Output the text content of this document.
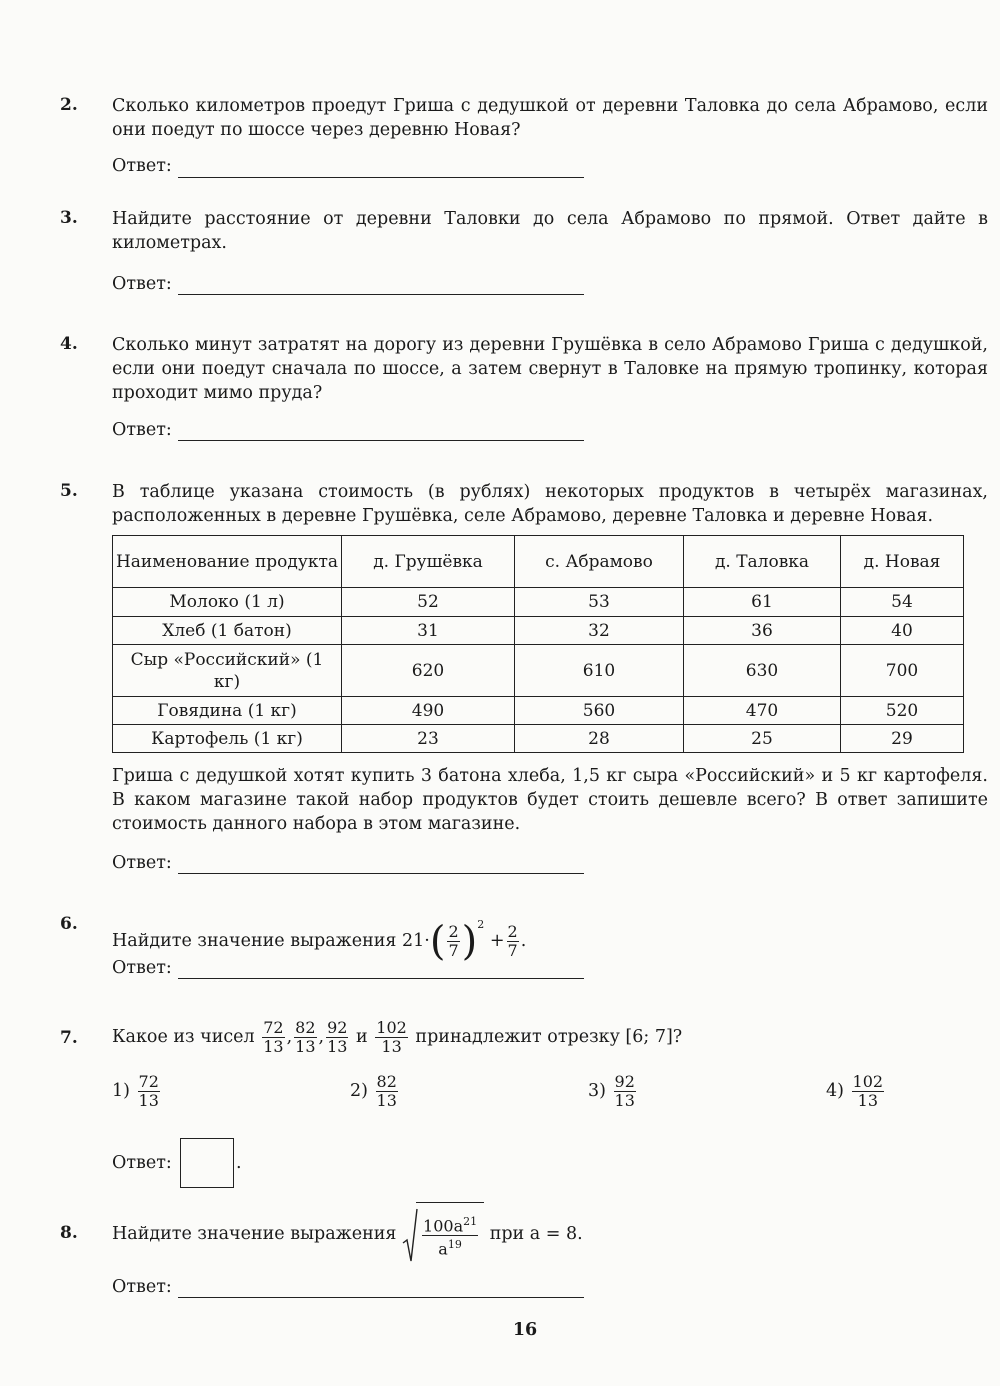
2. Сколько километров проедут Гриша с дедушкой от деревни Таловка до села Абрамово, если они поедут по шоссе через деревню Новая?
Ответ:
3. Найдите расстояние от деревни Таловки до села Абрамово по прямой. Ответ дайте в километрах.
Ответ:
4. Сколько минут затратят на дорогу из деревни Грушёвка в село Абрамово Гриша с дедушкой, если они поедут сначала по шоссе, а затем свернут в Таловке на прямую тропинку, которая проходит мимо пруда?
Ответ:
5. В таблице указана стоимость (в рублях) некоторых продуктов в четырёх магазинах, расположенных в деревне Грушёвка, селе Абрамово, деревне Таловка и деревне Новая.
Наименование продукта	д. Грушёвка	с. Абрамово	д. Таловка	д. Новая
Молоко (1 л)	52	53	61	54
Хлеб (1 батон)	31	32	36	40
Сыр «Российский» (1 кг)	620	610	630	700
Говядина (1 кг)	490	560	470	520
Картофель (1 кг)	23	28	25	29
Гриша с дедушкой хотят купить 3 батона хлеба, 1,5 кг сыра «Российский» и 5 кг картофеля. В каком магазине такой набор продуктов будет стоить дешевле всего? В ответ запишите стоимость данного набора в этом магазине.
Ответ:
6.
Найдите значение выражения $21\cdot( \frac{2}{7} )^2 + \frac{2}{7}$ .
Ответ:
7. Какое из чисел $\frac{72}{13}$ , $\frac{82}{13}$ , $\frac{92}{13}$ и $\frac{102}{13}$ принадлежит отрезку [6; 7]?
$1) \frac{72}{13}$	$2) \frac{82}{13}$	$3) \frac{92}{13}$	$4) \frac{102}{13}$
Ответ:	.
8. Найдите значение выражения $\frac{100a^{21}}{a^{19}}$ при a = 8.
Ответ:
16
